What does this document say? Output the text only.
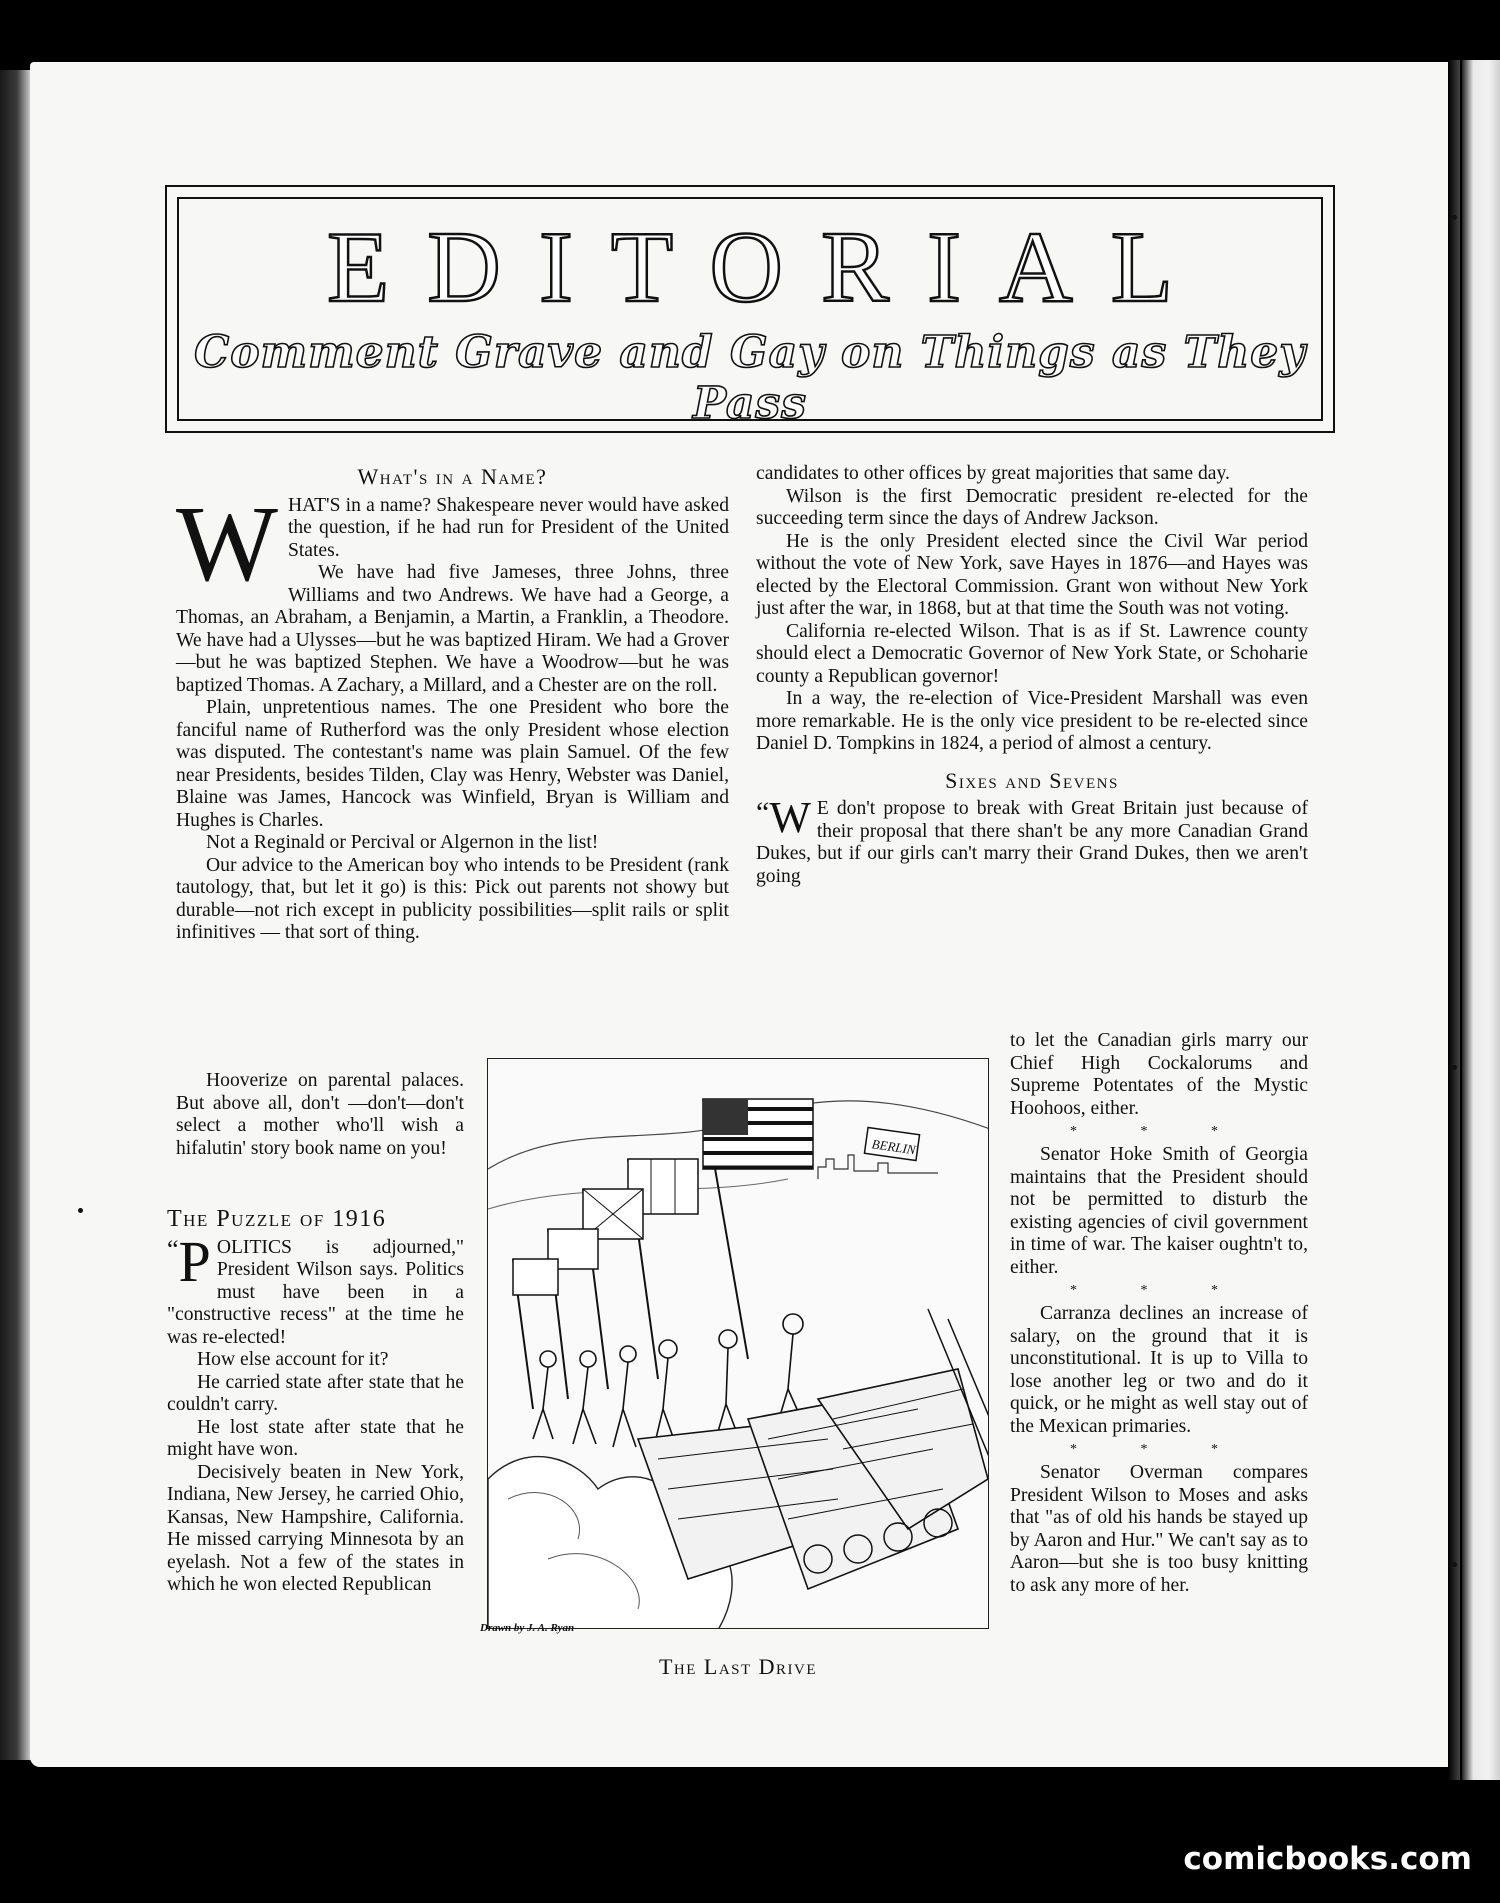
EDITORIAL
Comment Grave and Gay on Things as They Pass
What's in a Name?
W HAT'S in a name? Shakespeare never would have asked the question, if he had run for President of the United States.

We have had five Jameses, three Johns, three Williams and two Andrews. We have had a George, a Thomas, an Abraham, a Benjamin, a Martin, a Franklin, a Theodore. We have had a Ulysses—but he was baptized Hiram. We had a Grover—but he was baptized Stephen. We have a Woodrow—but he was baptized Thomas. A Zachary, a Millard, and a Chester are on the roll.

Plain, unpretentious names. The one President who bore the fanciful name of Rutherford was the only President whose election was disputed. The contestant's name was plain Samuel. Of the few near Presidents, besides Tilden, Clay was Henry, Webster was Daniel, Blaine was James, Hancock was Winfield, Bryan is William and Hughes is Charles.

Not a Reginald or Percival or Algernon in the list!

Our advice to the American boy who intends to be President (rank tautology, that, but let it go) is this: Pick out parents not showy but durable—not rich except in publicity possibilities—split rails or split infinitives — that sort of thing.

Hooverize on parental palaces. But above all, don't —don't—don't select a mother who'll wish a hifalutin' story book name on you!

The Puzzle of 1916
“ P OLITICS is adjourned," President Wilson says. Politics must have been in a "constructive recess" at the time he was re-elected!

How else account for it?

He carried state after state that he couldn't carry.

He lost state after state that he might have won.

Decisively beaten in New York, Indiana, New Jersey, he carried Ohio, Kansas, New Hampshire, California. He missed carrying Minnesota by an eyelash. Not a few of the states in which he won elected Republican

candidates to other offices by great majorities that same day.

Wilson is the first Democratic president re-elected for the succeeding term since the days of Andrew Jackson.

He is the only President elected since the Civil War period without the vote of New York, save Hayes in 1876—and Hayes was elected by the Electoral Commission. Grant won without New York just after the war, in 1868, but at that time the South was not voting.

California re-elected Wilson. That is as if St. Lawrence county should elect a Democratic Governor of New York State, or Schoharie county a Republican governor!

In a way, the re-election of Vice-President Marshall was even more remarkable. He is the only vice president to be re-elected since Daniel D. Tompkins in 1824, a period of almost a century.

Sixes and Sevens
“ W E don't propose to break with Great Britain just because of their proposal that there shan't be any more Canadian Grand Dukes, but if our girls can't marry their Grand Dukes, then we aren't going

to let the Canadian girls marry our Chief High Cockalorums and Supreme Potentates of the Mystic Hoohoos, either.

* * *

Senator Hoke Smith of Georgia maintains that the President should not be permitted to disturb the existing agencies of civil government in time of war. The kaiser oughtn't to, either.

* * *

Carranza declines an increase of salary, on the ground that it is unconstitutional. It is up to Villa to lose another leg or two and do it quick, or he might as well stay out of the Mexican primaries.

* * *

Senator Overman compares President Wilson to Moses and asks that "as of old his hands be stayed up by Aaron and Hur." We can't say as to Aaron—but she is too busy knitting to ask any more of her.

BERLIN
Drawn by J. A. Ryan
The Last Drive
comicbooks.com
